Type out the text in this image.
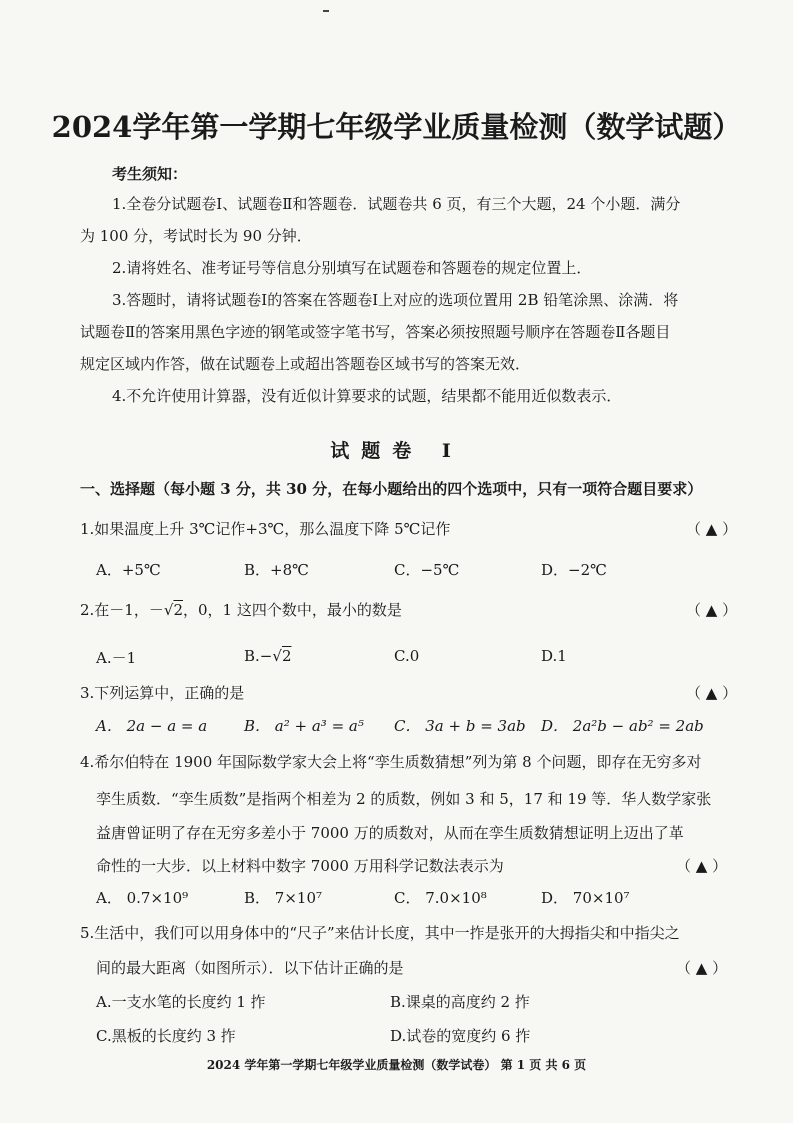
2024学年第一学期七年级学业质量检测（数学试题）
考生须知：
1.全卷分试题卷Ⅰ、试题卷Ⅱ和答题卷．试题卷共 6 页，有三个大题，24 个小题．满分
为 100 分，考试时长为 90 分钟．
2.请将姓名、准考证号等信息分别填写在试题卷和答题卷的规定位置上．
3.答题时，请将试题卷Ⅰ的答案在答题卷Ⅰ上对应的选项位置用 2B 铅笔涂黑、涂满．将
试题卷Ⅱ的答案用黑色字迹的钢笔或签字笔书写，答案必须按照题号顺序在答题卷Ⅱ各题目
规定区域内作答，做在试题卷上或超出答题卷区域书写的答案无效．
4.不允许使用计算器，没有近似计算要求的试题，结果都不能用近似数表示．
试题卷 Ⅰ
一、选择题（每小题 3 分，共 30 分，在每小题给出的四个选项中，只有一项符合题目要求）
1.如果温度上升 3℃记作+3℃，那么温度下降 5℃记作	（ ▲ ）
A．+5℃	B．+8℃	C．−5℃	D．−2℃
2.在－1，－√2，0，1 这四个数中，最小的数是	（ ▲ ）
A.－1	B.−√2	C.0	D.1
3.下列运算中，正确的是	（ ▲ ）
A． 2a − a = a B． a² + a³ = a⁵ C． 3a + b = 3ab D． 2a²b − ab² = 2ab
4.希尔伯特在 1900 年国际数学家大会上将“孪生质数猜想”列为第 8 个问题，即存在无穷多对
孪生质数．“孪生质数”是指两个相差为 2 的质数，例如 3 和 5，17 和 19 等．华人数学家张
益唐曾证明了存在无穷多差小于 7000 万的质数对，从而在孪生质数猜想证明上迈出了革
命性的一大步．以上材料中数字 7000 万用科学记数法表示为	（ ▲ ）
A． 0.7×10⁹	B． 7×10⁷	C． 7.0×10⁸	D． 70×10⁷
5.生活中，我们可以用身体中的“尺子”来估计长度，其中一拃是张开的大拇指尖和中指尖之
间的最大距离（如图所示）．以下估计正确的是	（ ▲ ）
A.一支水笔的长度约 1 拃	B.课桌的高度约 2 拃
C.黑板的长度约 3 拃	D.试卷的宽度约 6 拃
2024 学年第一学期七年级学业质量检测（数学试卷） 第 1 页 共 6 页
